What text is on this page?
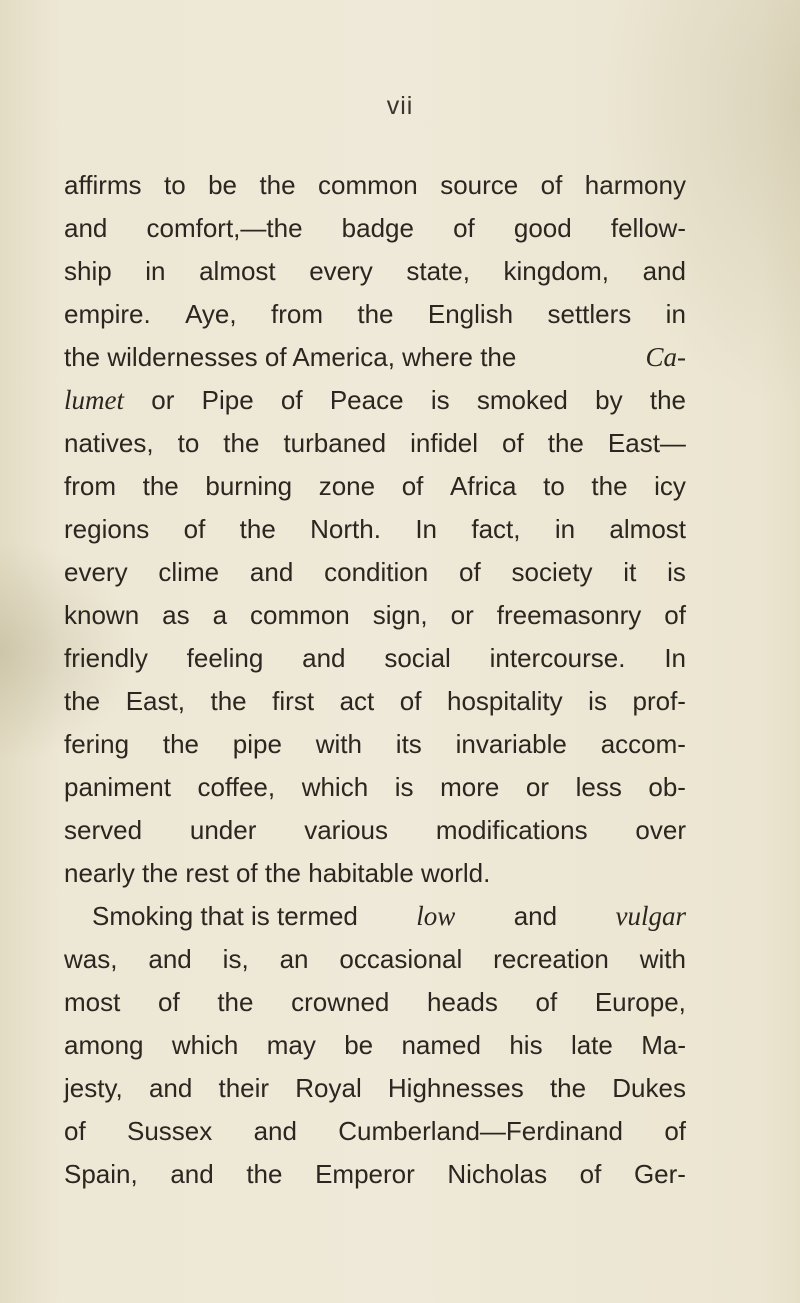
vii
affirms to be the common source of harmony
and comfort,—the badge of good fellow-
ship in almost every state, kingdom, and
empire. Aye, from the English settlers in
the wildernesses of America, where the	Ca-
lumet or Pipe of Peace is smoked by the
natives, to the turbaned infidel of the East—
from the burning zone of Africa to the icy
regions of the North. In fact, in almost
every clime and condition of society it is
known as a common sign, or freemasonry of
friendly feeling and social intercourse. In
the East, the first act of hospitality is prof-
fering the pipe with its invariable accom-
paniment coffee, which is more or less ob-
served under various modifications over
nearly the rest of the habitable world.
Smoking that is termed low and vulgar
was, and is, an occasional recreation with
most of the crowned heads of Europe,
among which may be named his late Ma-
jesty, and their Royal Highnesses the Dukes
of Sussex and Cumberland—Ferdinand of
Spain, and the Emperor Nicholas of Ger-
